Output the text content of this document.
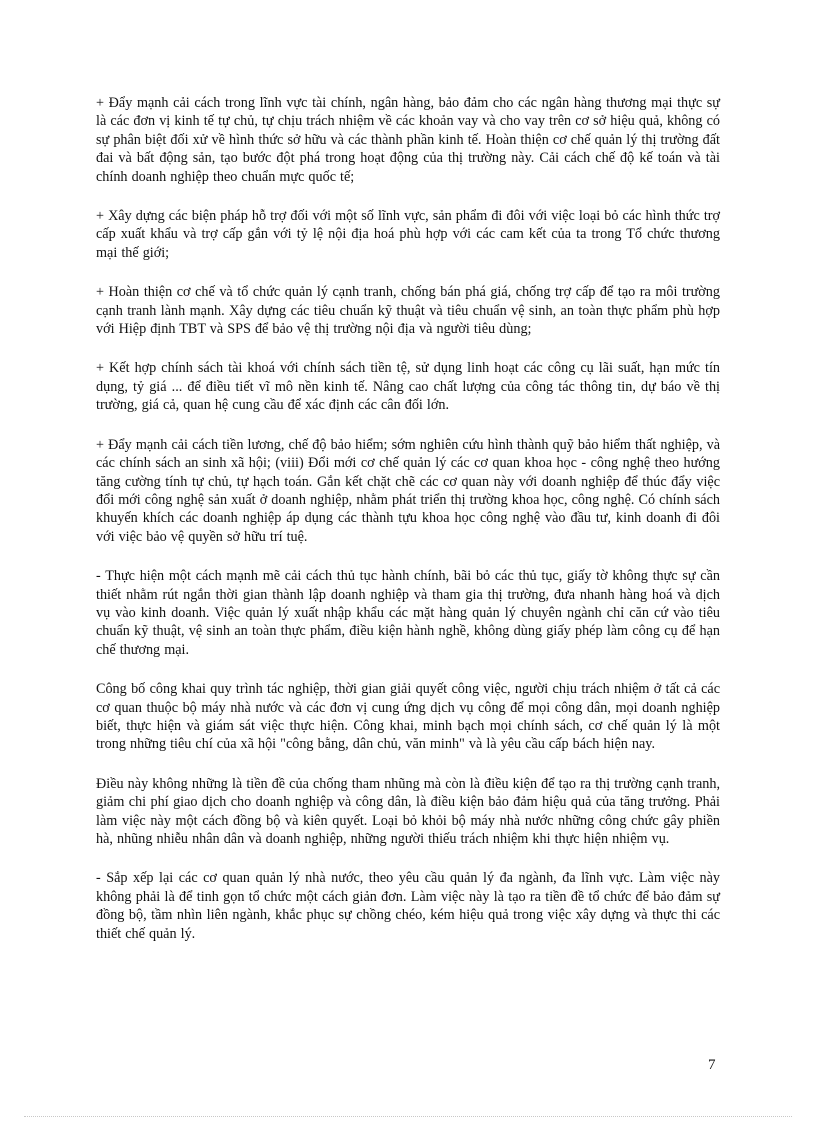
+ Đẩy mạnh cải cách trong lĩnh vực tài chính, ngân hàng, bảo đảm cho các ngân hàng thương mại thực sự là các đơn vị kinh tế tự chủ, tự chịu trách nhiệm về các khoản vay và cho vay trên cơ sở hiệu quả, không có sự phân biệt đối xử về hình thức sở hữu và các thành phần kinh tế. Hoàn thiện cơ chế quản lý thị trường đất đai và bất động sản, tạo bước đột phá trong hoạt động của thị trường này. Cải cách chế độ kế toán và tài chính doanh nghiệp theo chuẩn mực quốc tế;

+ Xây dựng các biện pháp hỗ trợ đối với một số lĩnh vực, sản phẩm đi đôi với việc loại bỏ các hình thức trợ cấp xuất khẩu và trợ cấp gắn với tỷ lệ nội địa hoá phù hợp với các cam kết của ta trong Tổ chức thương mại thế giới;

+ Hoàn thiện cơ chế và tổ chức quản lý cạnh tranh, chống bán phá giá, chống trợ cấp để tạo ra môi trường cạnh tranh lành mạnh. Xây dựng các tiêu chuẩn kỹ thuật và tiêu chuẩn vệ sinh, an toàn thực phẩm phù hợp với Hiệp định TBT và SPS để bảo vệ thị trường nội địa và người tiêu dùng;

+ Kết hợp chính sách tài khoá với chính sách tiền tệ, sử dụng linh hoạt các công cụ lãi suất, hạn mức tín dụng, tỷ giá ... để điều tiết vĩ mô nền kinh tế. Nâng cao chất lượng của công tác thông tin, dự báo về thị trường, giá cả, quan hệ cung cầu để xác định các cân đối lớn.

+ Đẩy mạnh cải cách tiền lương, chế độ bảo hiểm; sớm nghiên cứu hình thành quỹ bảo hiểm thất nghiệp, và các chính sách an sinh xã hội; (viii) Đổi mới cơ chế quản lý các cơ quan khoa học - công nghệ theo hướng tăng cường tính tự chủ, tự hạch toán. Gắn kết chặt chẽ các cơ quan này với doanh nghiệp để thúc đẩy việc đổi mới công nghệ sản xuất ở doanh nghiệp, nhằm phát triển thị trường khoa học, công nghệ. Có chính sách khuyến khích các doanh nghiệp áp dụng các thành tựu khoa học công nghệ vào đầu tư, kinh doanh đi đôi với việc bảo vệ quyền sở hữu trí tuệ.

- Thực hiện một cách mạnh mẽ cải cách thủ tục hành chính, bãi bỏ các thủ tục, giấy tờ không thực sự cần thiết nhằm rút ngắn thời gian thành lập doanh nghiệp và tham gia thị trường, đưa nhanh hàng hoá và dịch vụ vào kinh doanh. Việc quản lý xuất nhập khẩu các mặt hàng quản lý chuyên ngành chỉ căn cứ vào tiêu chuẩn kỹ thuật, vệ sinh an toàn thực phẩm, điều kiện hành nghề, không dùng giấy phép làm công cụ để hạn chế thương mại.

Công bố công khai quy trình tác nghiệp, thời gian giải quyết công việc, người chịu trách nhiệm ở tất cả các cơ quan thuộc bộ máy nhà nước và các đơn vị cung ứng dịch vụ công để mọi công dân, mọi doanh nghiệp biết, thực hiện và giám sát việc thực hiện. Công khai, minh bạch mọi chính sách, cơ chế quản lý là một trong những tiêu chí của xã hội "công bằng, dân chủ, văn minh" và là yêu cầu cấp bách hiện nay.

Điều này không những là tiền đề của chống tham nhũng mà còn là điều kiện để tạo ra thị trường cạnh tranh, giảm chi phí giao dịch cho doanh nghiệp và công dân, là điều kiện bảo đảm hiệu quả của tăng trưởng. Phải làm việc này một cách đồng bộ và kiên quyết. Loại bỏ khỏi bộ máy nhà nước những công chức gây phiền hà, nhũng nhiễu nhân dân và doanh nghiệp, những người thiếu trách nhiệm khi thực hiện nhiệm vụ.

- Sắp xếp lại các cơ quan quản lý nhà nước, theo yêu cầu quản lý đa ngành, đa lĩnh vực. Làm việc này không phải là để tinh gọn tổ chức một cách giản đơn. Làm việc này là tạo ra tiền đề tổ chức để bảo đảm sự đồng bộ, tầm nhìn liên ngành, khắc phục sự chồng chéo, kém hiệu quả trong việc xây dựng và thực thi các thiết chế quản lý.

7
